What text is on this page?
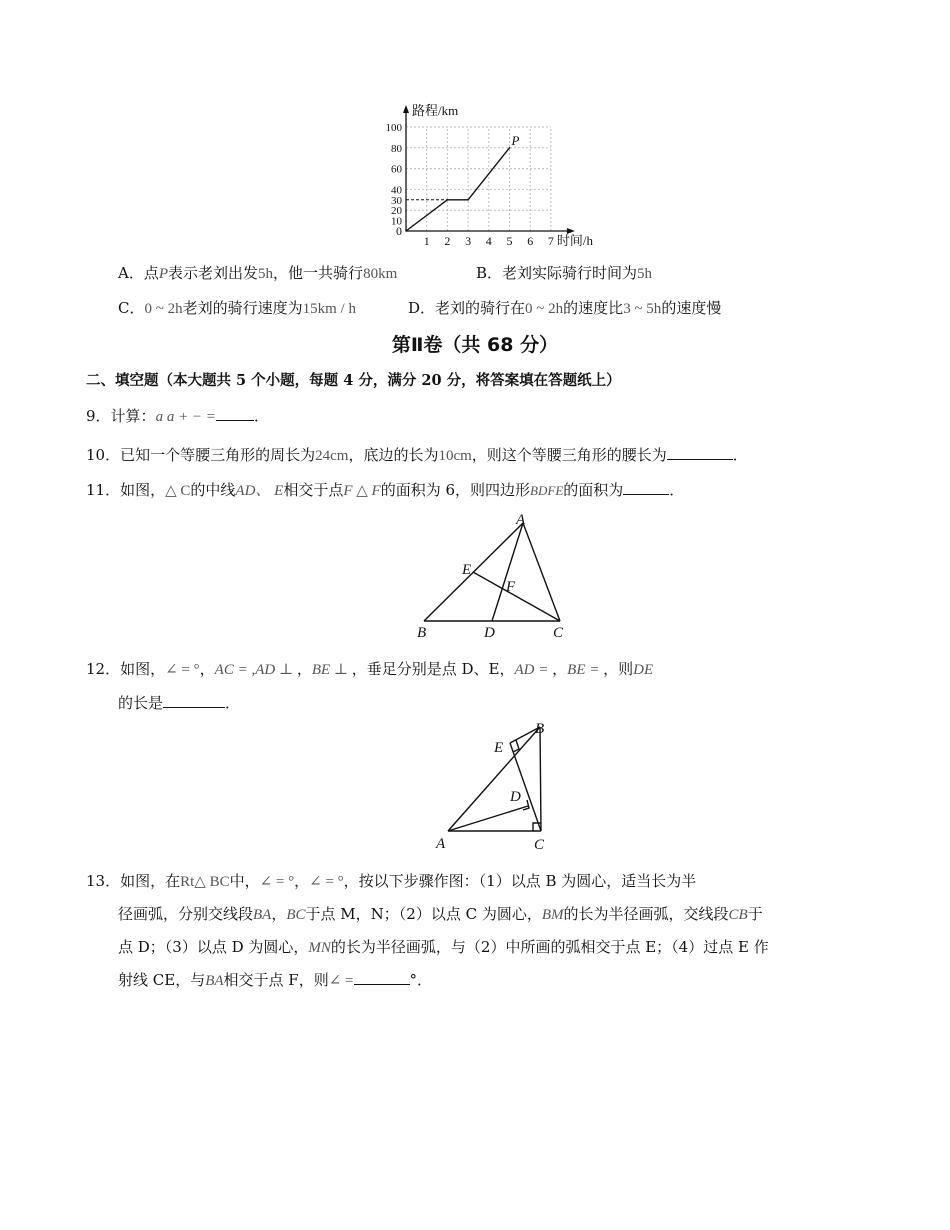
1 2 3 4 5 6 7
10
20
30
40
60
80
100
路程/km
时间/h
0
P
A．点P表示老刘出发5h，他一共骑行80km	B．老刘实际骑行时间为5h
C．0 ~ 2h老刘的骑行速度为15km / h	D．老刘的骑行在0 ~ 2h的速度比3 ~ 5h的速度慢
第Ⅱ卷（共 68 分）
二、填空题（本大题共 5 个小题，每题 4 分，满分 20 分，将答案填在答题纸上）
9．计算：a a + − =	．
10．已知一个等腰三角形的周长为24cm，底边的长为10cm，则这个等腰三角形的腰长为	．
11．如图，△ C的中线AD、 E相交于点F △ F的面积为 6，则四边形BDFE的面积为	．
A
E
F
B	D	C
12．如图，∠ = °，AC = ,AD ⊥ ，BE ⊥ ，垂足分别是点 D、E，AD = ，BE = ，则DE
的长是	．
B
E
D
A	C
13．如图，在Rt△ BC中，∠ = °，∠ = °，按以下步骤作图：（1）以点 B 为圆心，适当长为半
径画弧，分别交线段BA，BC于点 M，N；（2）以点 C 为圆心，BM的长为半径画弧，交线段CB于
点 D；（3）以点 D 为圆心，MN的长为半径画弧，与（2）中所画的弧相交于点 E；（4）过点 E 作
射线 CE，与BA相交于点 F，则∠ =	°．
